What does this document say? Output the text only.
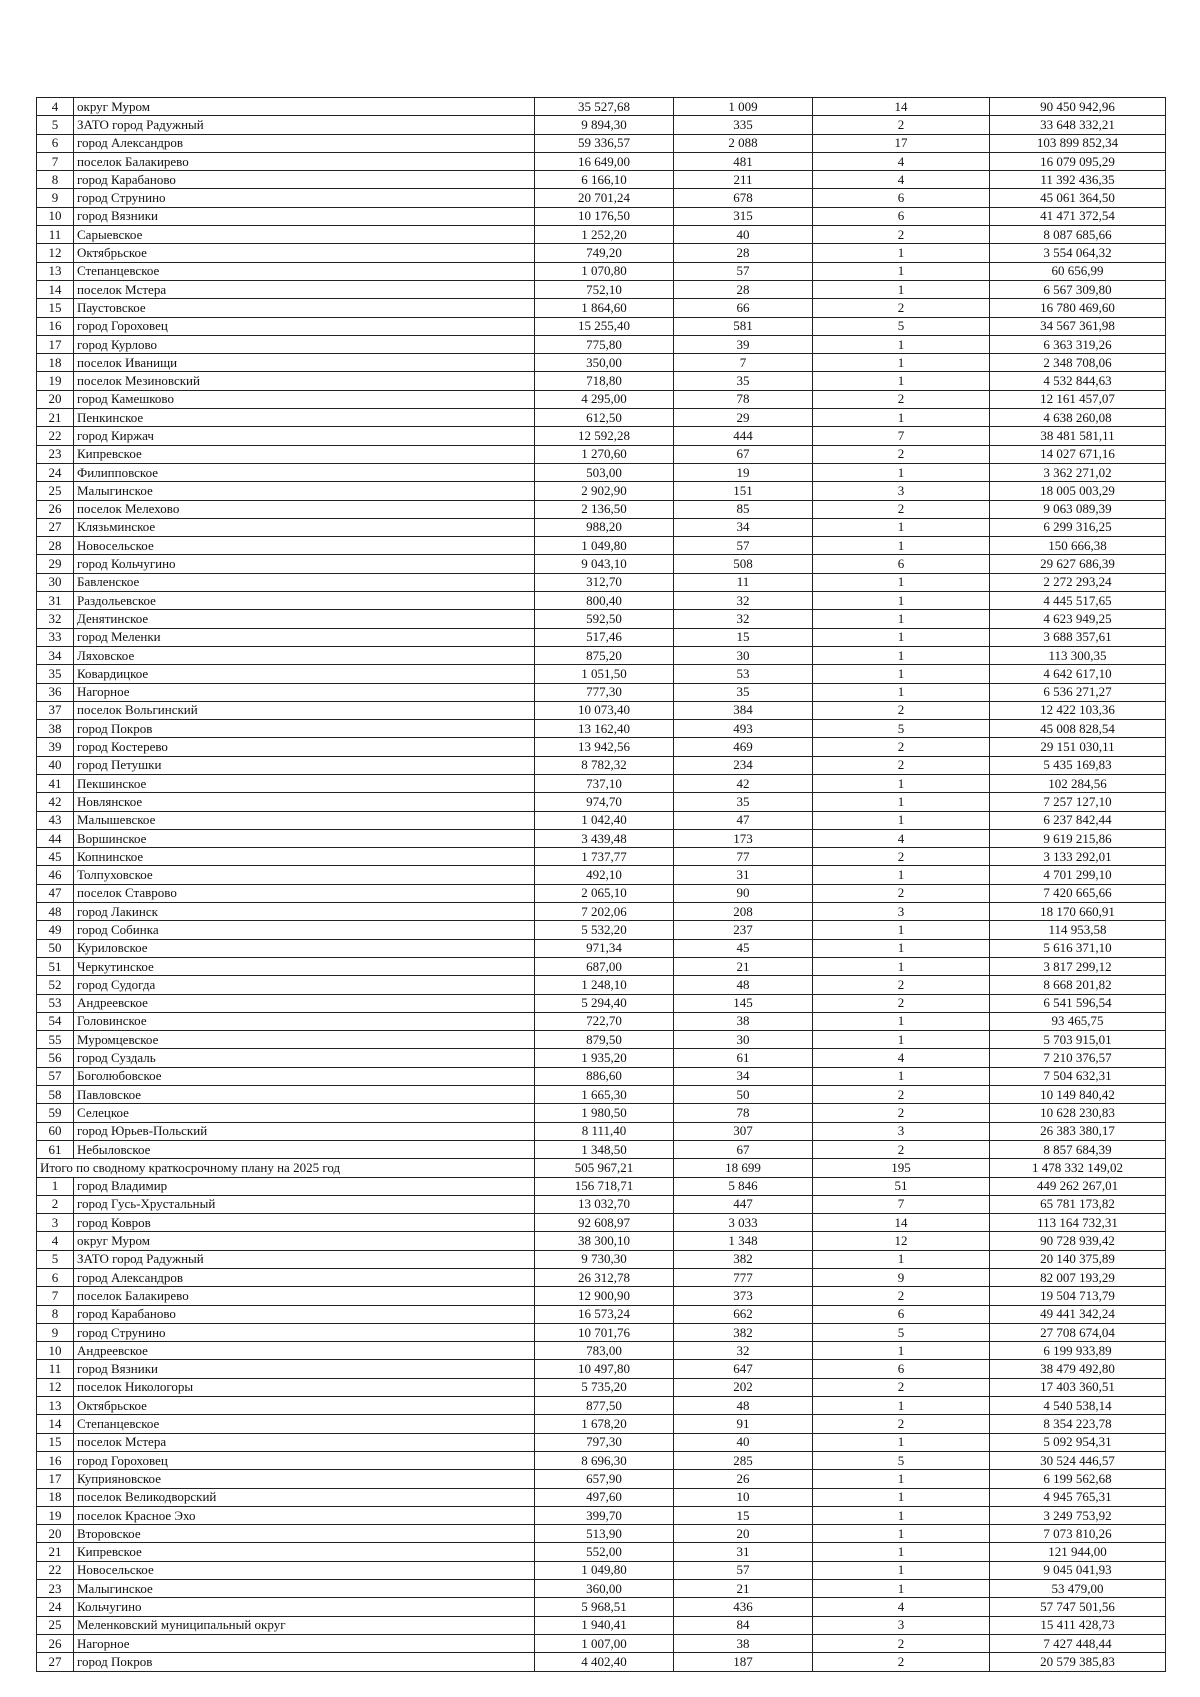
4	округ Муром	35 527,68	1 009	14	90 450 942,96
5	ЗАТО город Радужный	9 894,30	335	2	33 648 332,21
6	город Александров	59 336,57	2 088	17	103 899 852,34
7	поселок Балакирево	16 649,00	481	4	16 079 095,29
8	город Карабаново	6 166,10	211	4	11 392 436,35
9	город Струнино	20 701,24	678	6	45 061 364,50
10	город Вязники	10 176,50	315	6	41 471 372,54
11	Сарыевское	1 252,20	40	2	8 087 685,66
12	Октябрьское	749,20	28	1	3 554 064,32
13	Степанцевское	1 070,80	57	1	60 656,99
14	поселок Мстера	752,10	28	1	6 567 309,80
15	Паустовское	1 864,60	66	2	16 780 469,60
16	город Гороховец	15 255,40	581	5	34 567 361,98
17	город Курлово	775,80	39	1	6 363 319,26
18	поселок Иванищи	350,00	7	1	2 348 708,06
19	поселок Мезиновский	718,80	35	1	4 532 844,63
20	город Камешково	4 295,00	78	2	12 161 457,07
21	Пенкинское	612,50	29	1	4 638 260,08
22	город Киржач	12 592,28	444	7	38 481 581,11
23	Кипревское	1 270,60	67	2	14 027 671,16
24	Филипповское	503,00	19	1	3 362 271,02
25	Малыгинское	2 902,90	151	3	18 005 003,29
26	поселок Мелехово	2 136,50	85	2	9 063 089,39
27	Клязьминское	988,20	34	1	6 299 316,25
28	Новосельское	1 049,80	57	1	150 666,38
29	город Кольчугино	9 043,10	508	6	29 627 686,39
30	Бавленское	312,70	11	1	2 272 293,24
31	Раздольевское	800,40	32	1	4 445 517,65
32	Денятинское	592,50	32	1	4 623 949,25
33	город Меленки	517,46	15	1	3 688 357,61
34	Ляховское	875,20	30	1	113 300,35
35	Ковардицкое	1 051,50	53	1	4 642 617,10
36	Нагорное	777,30	35	1	6 536 271,27
37	поселок Вольгинский	10 073,40	384	2	12 422 103,36
38	город Покров	13 162,40	493	5	45 008 828,54
39	город Костерево	13 942,56	469	2	29 151 030,11
40	город Петушки	8 782,32	234	2	5 435 169,83
41	Пекшинское	737,10	42	1	102 284,56
42	Новлянское	974,70	35	1	7 257 127,10
43	Малышевское	1 042,40	47	1	6 237 842,44
44	Воршинское	3 439,48	173	4	9 619 215,86
45	Копнинское	1 737,77	77	2	3 133 292,01
46	Толпуховское	492,10	31	1	4 701 299,10
47	поселок Ставрово	2 065,10	90	2	7 420 665,66
48	город Лакинск	7 202,06	208	3	18 170 660,91
49	город Собинка	5 532,20	237	1	114 953,58
50	Куриловское	971,34	45	1	5 616 371,10
51	Черкутинское	687,00	21	1	3 817 299,12
52	город Судогда	1 248,10	48	2	8 668 201,82
53	Андреевское	5 294,40	145	2	6 541 596,54
54	Головинское	722,70	38	1	93 465,75
55	Муромцевское	879,50	30	1	5 703 915,01
56	город Суздаль	1 935,20	61	4	7 210 376,57
57	Боголюбовское	886,60	34	1	7 504 632,31
58	Павловское	1 665,30	50	2	10 149 840,42
59	Селецкое	1 980,50	78	2	10 628 230,83
60	город Юрьев-Польский	8 111,40	307	3	26 383 380,17
61	Небыловское	1 348,50	67	2	8 857 684,39
Итого по сводному краткосрочному плану на 2025 год		505 967,21	18 699	195	1 478 332 149,02
1	город Владимир	156 718,71	5 846	51	449 262 267,01
2	город Гусь-Хрустальный	13 032,70	447	7	65 781 173,82
3	город Ковров	92 608,97	3 033	14	113 164 732,31
4	округ Муром	38 300,10	1 348	12	90 728 939,42
5	ЗАТО город Радужный	9 730,30	382	1	20 140 375,89
6	город Александров	26 312,78	777	9	82 007 193,29
7	поселок Балакирево	12 900,90	373	2	19 504 713,79
8	город Карабаново	16 573,24	662	6	49 441 342,24
9	город Струнино	10 701,76	382	5	27 708 674,04
10	Андреевское	783,00	32	1	6 199 933,89
11	город Вязники	10 497,80	647	6	38 479 492,80
12	поселок Никологоры	5 735,20	202	2	17 403 360,51
13	Октябрьское	877,50	48	1	4 540 538,14
14	Степанцевское	1 678,20	91	2	8 354 223,78
15	поселок Мстера	797,30	40	1	5 092 954,31
16	город Гороховец	8 696,30	285	5	30 524 446,57
17	Куприяновское	657,90	26	1	6 199 562,68
18	поселок Великодворский	497,60	10	1	4 945 765,31
19	поселок Красное Эхо	399,70	15	1	3 249 753,92
20	Второвское	513,90	20	1	7 073 810,26
21	Кипревское	552,00	31	1	121 944,00
22	Новосельское	1 049,80	57	1	9 045 041,93
23	Малыгинское	360,00	21	1	53 479,00
24	Кольчугино	5 968,51	436	4	57 747 501,56
25	Меленковский муниципальный округ	1 940,41	84	3	15 411 428,73
26	Нагорное	1 007,00	38	2	7 427 448,44
27	город Покров	4 402,40	187	2	20 579 385,83
